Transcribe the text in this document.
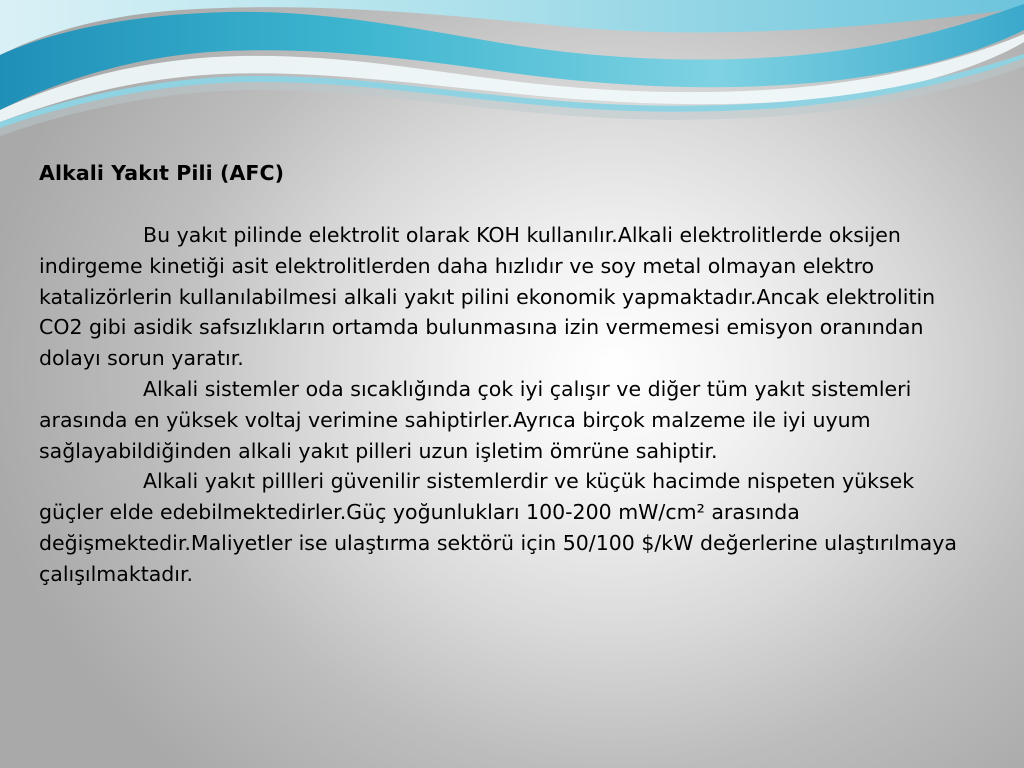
Alkali Yakıt Pili (AFC)

Bu yakıt pilinde elektrolit olarak KOH kullanılır.Alkali elektrolitlerde oksijen indirgeme kinetiği asit elektrolitlerden daha hızlıdır ve soy metal olmayan elektro katalizörlerin kullanılabilmesi alkali yakıt pilini ekonomik yapmaktadır.Ancak elektrolitin CO2 gibi asidik safsızlıkların ortamda bulunmasına izin vermemesi emisyon oranından dolayı sorun yaratır.

Alkali sistemler oda sıcaklığında çok iyi çalışır ve diğer tüm yakıt sistemleri arasında en yüksek voltaj verimine sahiptirler.Ayrıca birçok malzeme ile iyi uyum sağlayabildiğinden alkali yakıt pilleri uzun işletim ömrüne sahiptir.

Alkali yakıt pillleri güvenilir sistemlerdir ve küçük hacimde nispeten yüksek güçler elde edebilmektedirler.Güç yoğunlukları 100-200 mW/cm² arasında değişmektedir.Maliyetler ise ulaştırma sektörü için 50/100 $/kW değerlerine ulaştırılmaya çalışılmaktadır.
